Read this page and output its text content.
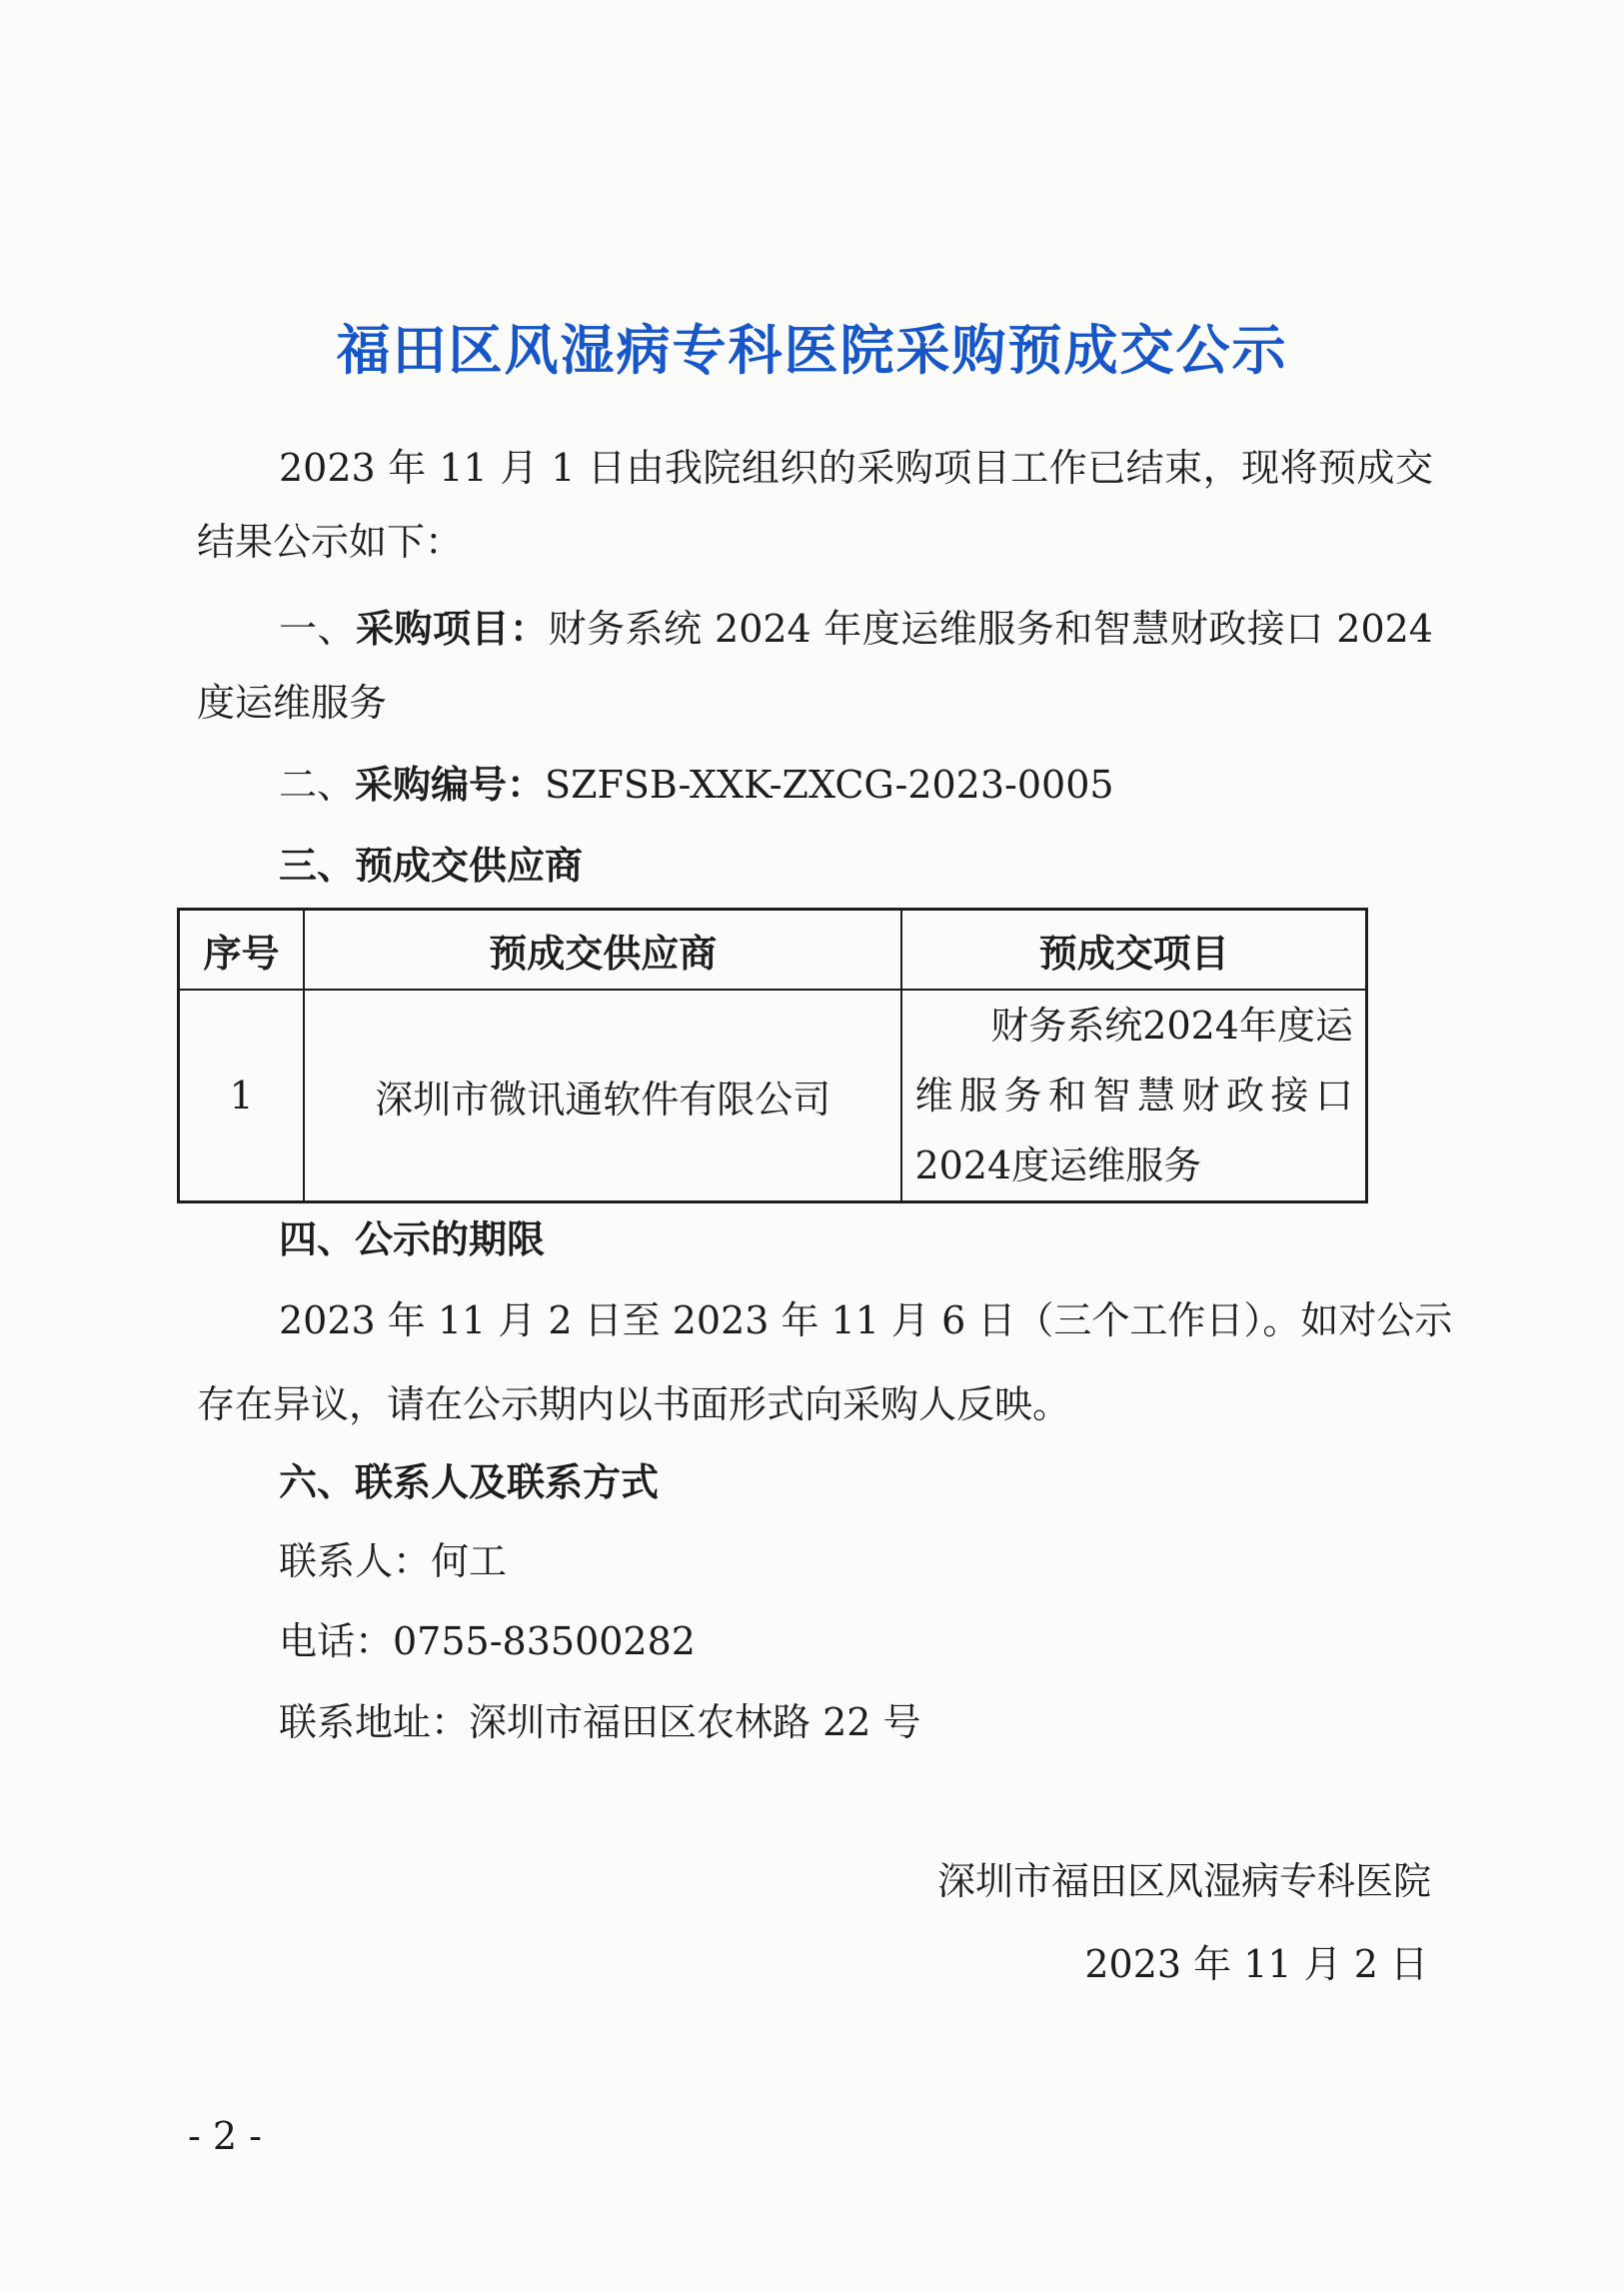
福田区风湿病专科医院采购预成交公示
2023 年 11 月 1 日由我院组织的采购项目工作已结束，现将预成交
结果公示如下：
一、采购项目：财务系统 2024 年度运维服务和智慧财政接口 2024
度运维服务
二、采购编号：SZFSB-XXK-ZXCG-2023-0005
三、预成交供应商
序号	预成交供应商	预成交项目
1	深圳市微讯通软件有限公司	财务系统2024年度运
维服务和智慧财政接口
2024度运维服务
四、公示的期限
2023 年 11 月 2 日至 2023 年 11 月 6 日（三个工作日）。如对公示
存在异议，请在公示期内以书面形式向采购人反映。
六、联系人及联系方式
联系人：何工
电话：0755-83500282
联系地址：深圳市福田区农林路 22 号
深圳市福田区风湿病专科医院
2023 年 11 月 2 日
- 2 -
